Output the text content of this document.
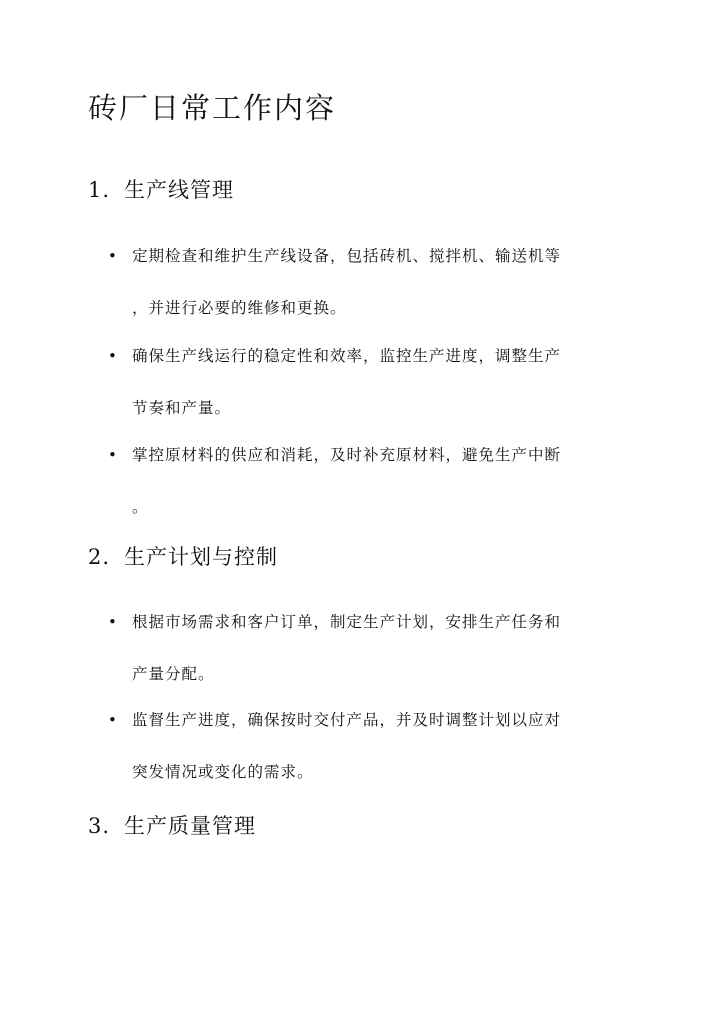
砖厂日常工作内容
1. 生产线管理
• 定期检查和维护生产线设备，包括砖机、搅拌机、输送机等
，并进行必要的维修和更换。
• 确保生产线运行的稳定性和效率，监控生产进度，调整生产
节奏和产量。
• 掌控原材料的供应和消耗，及时补充原材料，避免生产中断
。
2. 生产计划与控制
• 根据市场需求和客户订单，制定生产计划，安排生产任务和
产量分配。
• 监督生产进度，确保按时交付产品，并及时调整计划以应对
突发情况或变化的需求。
3. 生产质量管理
